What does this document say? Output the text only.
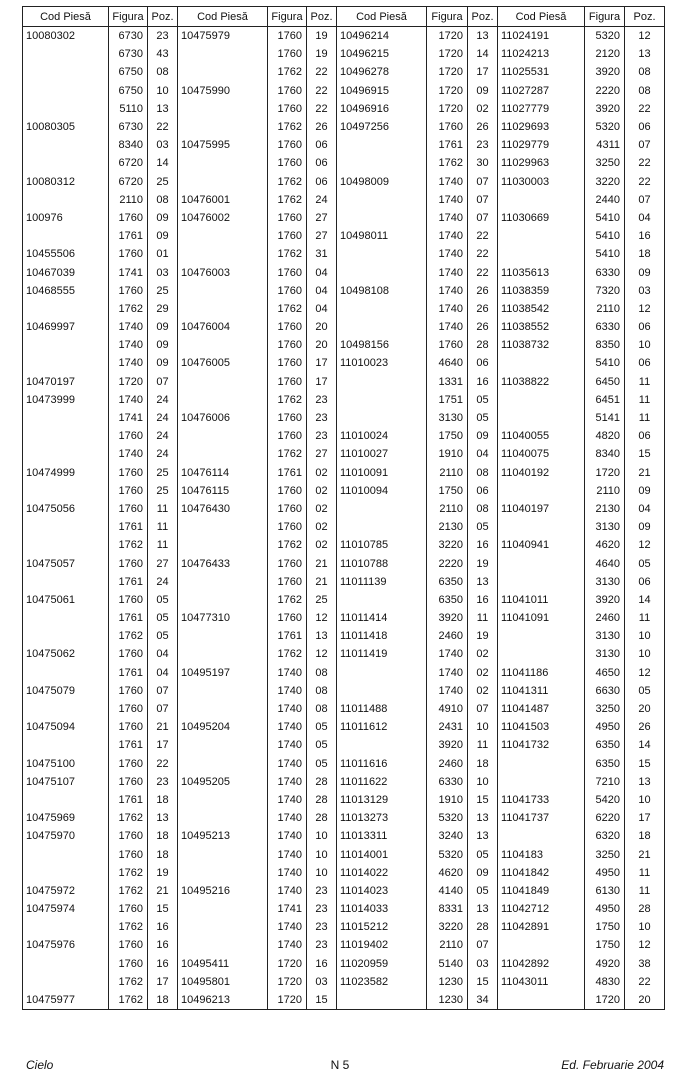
Cod Piesă	Figura	Poz.	Cod Piesă	Figura	Poz.	Cod Piesă	Figura	Poz.	Cod Piesă	Figura	Poz.
10080302	6730	23	10475979	1760	19	10496214	1720	13	11024191	5320	12
	6730	43		1760	19	10496215	1720	14	11024213	2120	13
	6750	08		1762	22	10496278	1720	17	11025531	3920	08
	6750	10	10475990	1760	22	10496915	1720	09	11027287	2220	08
	5110	13		1760	22	10496916	1720	02	11027779	3920	22
10080305	6730	22		1762	26	10497256	1760	26	11029693	5320	06
	8340	03	10475995	1760	06		1761	23	11029779	4311	07
	6720	14		1760	06		1762	30	11029963	3250	22
10080312	6720	25		1762	06	10498009	1740	07	11030003	3220	22
	2110	08	10476001	1762	24		1740	07		2440	07
100976	1760	09	10476002	1760	27		1740	07	11030669	5410	04
	1761	09		1760	27	10498011	1740	22		5410	16
10455506	1760	01		1762	31		1740	22		5410	18
10467039	1741	03	10476003	1760	04		1740	22	11035613	6330	09
10468555	1760	25		1760	04	10498108	1740	26	11038359	7320	03
	1762	29		1762	04		1740	26	11038542	2110	12
10469997	1740	09	10476004	1760	20		1740	26	11038552	6330	06
	1740	09		1760	20	10498156	1760	28	11038732	8350	10
	1740	09	10476005	1760	17	11010023	4640	06		5410	06
10470197	1720	07		1760	17		1331	16	11038822	6450	11
10473999	1740	24		1762	23		1751	05		6451	11
	1741	24	10476006	1760	23		3130	05		5141	11
	1760	24		1760	23	11010024	1750	09	11040055	4820	06
	1740	24		1762	27	11010027	1910	04	11040075	8340	15
10474999	1760	25	10476114	1761	02	11010091	2110	08	11040192	1720	21
	1760	25	10476115	1760	02	11010094	1750	06		2110	09
10475056	1760	11	10476430	1760	02		2110	08	11040197	2130	04
	1761	11		1760	02		2130	05		3130	09
	1762	11		1762	02	11010785	3220	16	11040941	4620	12
10475057	1760	27	10476433	1760	21	11010788	2220	19		4640	05
	1761	24		1760	21	11011139	6350	13		3130	06
10475061	1760	05		1762	25		6350	16	11041011	3920	14
	1761	05	10477310	1760	12	11011414	3920	11	11041091	2460	11
	1762	05		1761	13	11011418	2460	19		3130	10
10475062	1760	04		1762	12	11011419	1740	02		3130	10
	1761	04	10495197	1740	08		1740	02	11041186	4650	12
10475079	1760	07		1740	08		1740	02	11041311	6630	05
	1760	07		1740	08	11011488	4910	07	11041487	3250	20
10475094	1760	21	10495204	1740	05	11011612	2431	10	11041503	4950	26
	1761	17		1740	05		3920	11	11041732	6350	14
10475100	1760	22		1740	05	11011616	2460	18		6350	15
10475107	1760	23	10495205	1740	28	11011622	6330	10		7210	13
	1761	18		1740	28	11013129	1910	15	11041733	5420	10
10475969	1762	13		1740	28	11013273	5320	13	11041737	6220	17
10475970	1760	18	10495213	1740	10	11013311	3240	13		6320	18
	1760	18		1740	10	11014001	5320	05	1104183	3250	21
	1762	19		1740	10	11014022	4620	09	11041842	4950	11
10475972	1762	21	10495216	1740	23	11014023	4140	05	11041849	6130	11
10475974	1760	15		1741	23	11014033	8331	13	11042712	4950	28
	1762	16		1740	23	11015212	3220	28	11042891	1750	10
10475976	1760	16		1740	23	11019402	2110	07		1750	12
	1760	16	10495411	1720	16	11020959	5140	03	11042892	4920	38
	1762	17	10495801	1720	03	11023582	1230	15	11043011	4830	22
10475977	1762	18	10496213	1720	15		1230	34		1720	20
Cielo	N 5	Ed. Februarie 2004
